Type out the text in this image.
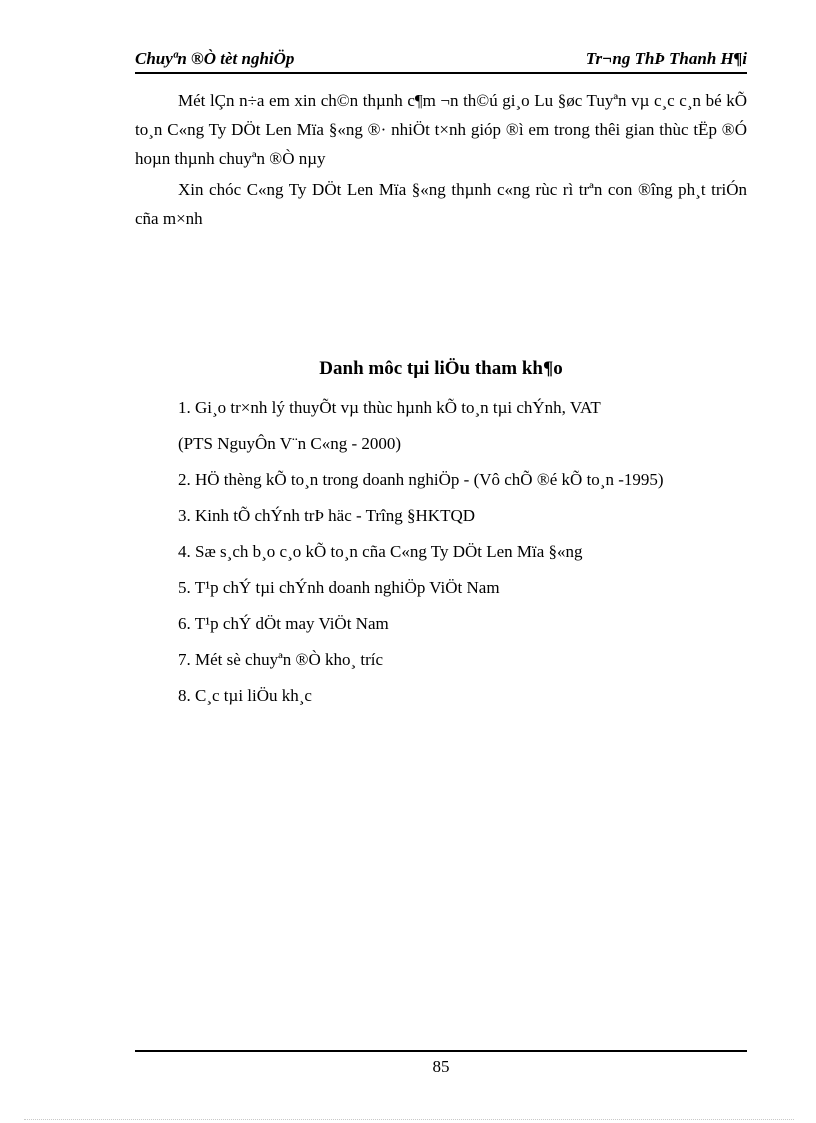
Chuyªn ®Ò tèt nghiÖp	Tr¬ng ThÞ Thanh H¶i

Mét lÇn n÷a em xin ch©n thµnh c¶m ¬n th©ú gi¸o Lu §øc Tuyªn vµ c¸c c¸n bé kÕ to¸n C«ng Ty DÖt Len Mïa §«ng ®· nhiÖt t×nh gióp ®ì em trong thêi gian thùc tËp ®Ó hoµn thµnh chuyªn ®Ò nµy

Xin chóc C«ng Ty DÖt Len Mïa §«ng thµnh c«ng rùc rì trªn con ®îng ph¸t triÓn cña m×nh

Danh môc tµi liÖu tham kh¶o
1. Gi¸o tr×nh lý thuyÕt vµ thùc hµnh kÕ to¸n tµi chÝnh, VAT
(PTS NguyÔn V¨n C«ng - 2000)
2. HÖ thèng kÕ to¸n trong doanh nghiÖp - (Vô chÕ ®é kÕ to¸n -1995)
3. Kinh tÕ chÝnh trÞ häc - Trîng §HKTQD
4. Sæ s¸ch b¸o c¸o kÕ to¸n cña C«ng Ty DÖt Len Mïa §«ng
5. T¹p chÝ tµi chÝnh doanh nghiÖp ViÖt Nam
6. T¹p chÝ dÖt may ViÖt Nam
7. Mét sè chuyªn ®Ò kho¸ tríc
8. C¸c tµi liÖu kh¸c
85
